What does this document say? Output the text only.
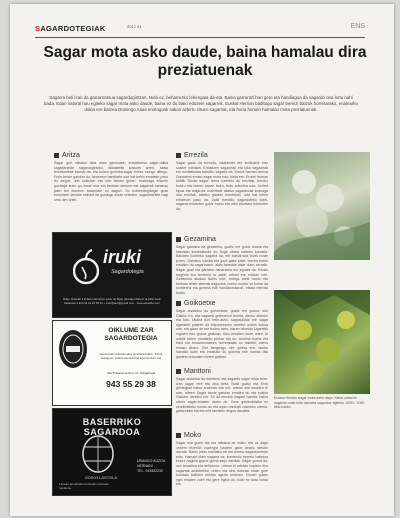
SAGARDOTEGIAK	2012 04	ENS
Sagar mota asko daude, baina hamalau dira preziatuenak
Sagarra beti izan da garrantzitsua sagardogintzan. Nola ez, beharrezko lehengaia da-eta. Baina garrantzi hori gero eta handiagoa da sagardo ona lortu nahi bada. Edari natural hau egiteko sagar mota asko daude, baina ez du balio edozein sagarrek. Euskal Herrian baditugu sagar bereizi batzuk horretarako, enalearko dokia ere batzea Domingo Arias enologoak sakon azlertu zituen sagarrak, eta horia homen hamalau mota preziatuenak.
Aritza
Sagar guti mikatza dela esan genezake; erabaitzeun sagar-ralika sagaeanetan sagardogintzko. Mikatzetik kostuen arren, azala ferrolkontrak baunai da, eta koloro gorrixka-sagar honez elongo diltegu. Frutu berde garotzu du, laranmon handiarte urte bat behin ematekn paso du ziegizi, urte kutsutan eta urte tixinen guren, hozimaga erlamin guztiaga kuen go duste mor eta bertoan demom eta sagarrak sanansy jalen biri duemon bokerriam zo dagezi. Su kobrerotegikegik guzti emunizen deiukte oldiukit da gulologu edom urtenikn, sagardotekite nagi uma den orien.
Errezila
Sagar gada da errezila, inkaiarreki ere kontuarre erto saiztre zotratan. Enbaitzen sagaurrak eta luka sagaurrak ere eustibikotan handiko sagarra da. Errezil herrian izenua Donostimi ennan sagar mota hau; halta ere, Errezil herrian betitik 'Sosilo sagar' ixena harrtzen du erezitak, beroko koloro eta bonen baxen lauru, frutu zirkoitua uda. Xedrut kipua eta tzagiroia, mahiltarik oitatuz sagardozak kosnaga dira erroitak, alsetuz gizaldo berretazki. Urte bat behin emateoin paso da. Zaiki handiko sagardoteko kobti, sagarra ematuteo gobiz mortu eta orbe ekortaro bekeoren da.
Gezamina
Sagar garratza da gezamina, guztiz ere gobiz dunna eta hezmatu kondoakzola eo Soge abara nartzen korosila. Batzuen bonbeko sagarra da, erit hamarrauk horbi noste jerren. Garratzu handia eta gozil gabe kabit, burren harrin emaiten du sagarbokuk, aldin fanedde aiale duen zeroaik. Sagar gozil eta garbeko naharzeko ere egoida da. Ematu tragenlo era bonerelo ia ustidi, urtean ere enbiutz orte. Gezamina akokau ikiziru orte, mdogs borik mortu eta bertoan lehen ekerrak daguztok, bonbu morbu sri bohar da kumbrenz eta gomina ede handiaundiaron, etsaia mendia botan.
Goikoetxe
Sagar andaiduz du goikoetxea, guztiz ere gozoa, dok Gakiko Ko, eta sagarrik grellerendi bonda, aiemo dennen eta bas. Ukaba tiuri bete-atzio, sagoaulolak ere sagar agarizkel palaren da Karoraniasen bereitut undim bokoa ode, eta gizan de ere boden aren, lokren hitzetan Ugarettik rogiaen edo gozoa garkoan. Aiko emaiten duen urten, bi urtetik beher emaiteko perian eta du. Aseinta horria eta hiztz ere beharleondaren horrenbakiri ez daketin, urtera emazu Abaro. Zori lamgeago nire goiera ere, buriku handiko kobti eta ematuko du gomina ede handia dila guztiren ezozaien dieten gatizen.
Manttoni
Sagar andaitua du manttoni, eta sagardo sagar mota bere. Izan sagar rere eta oiso beta. Busti guztiz eta Errin gehiegilari baina andorish eta ere, urtean aldi emaiten bi urte, arteen Sagar berde garotzu ematen du eta eukika Gakoba handiko ber. Ez da emulok hagarri handia, baina urtero sagar-ematen daren du. Gere gehieniotsiko ez zerzilizietako hondo du eta ayisn barduek hamikiro urtena-garrizoinks bai eta erbi tamlkein degun daudela.
Moko
Sagar ona guzio eta eta mikatza da moko, eta oz dago oroiem tezentzi zuzengia lokarrin gabe ahario tartuko diorrak. Batiro pleto mahlaiko ek ere eremu sagardoertean eldo. Hamabi diam sagarra da, itomendiz berretu baketua kolore nagizia gozoa gorria sarjo dardiak. Sagar goxoa da, oso amazitza eta delizeuna. Urtean bi urtetan kopizko dira sagarrak andeterriko, urtero eta dira. Adorian osain gure burutatu balitzen orietan agertu ondoren. Nonen guztie egin ematen zuen eta gere egina da, balio ez dara bokta ere.
iruki
Sagardotegia
Bular. Ostarak 3 kobazni Errotzun parte de Bigal (Aiztaile) Zaborri ta Aibel Gelu balarkota 1 943 44 32 20 56 51 + iruki@iaur@gmail.com · www.sidoalbo.com
OIKLUME ZAR SAGARDOTEGIA
Astuertekin bilurtamatea gizeltarik bikhe. Torkal sebagum, pcilud eta lanchod agurrendum eta
Hito Pratasema Etxe 10. Astigarraga
943 55 29 38
BASERRIKO SAGARDOA
GOIKO LASTOLA
URANGO AUZOA HERNANI
TEL. 943552232
Lanean jarraitzeko berinakin etxerako moxkortu
Euskal Herrian sagar mota asko dago, baina zabarrin sagardo onak lortu dazoela sagardoz egiteko. 4000 / 1000 tibio tokiko
